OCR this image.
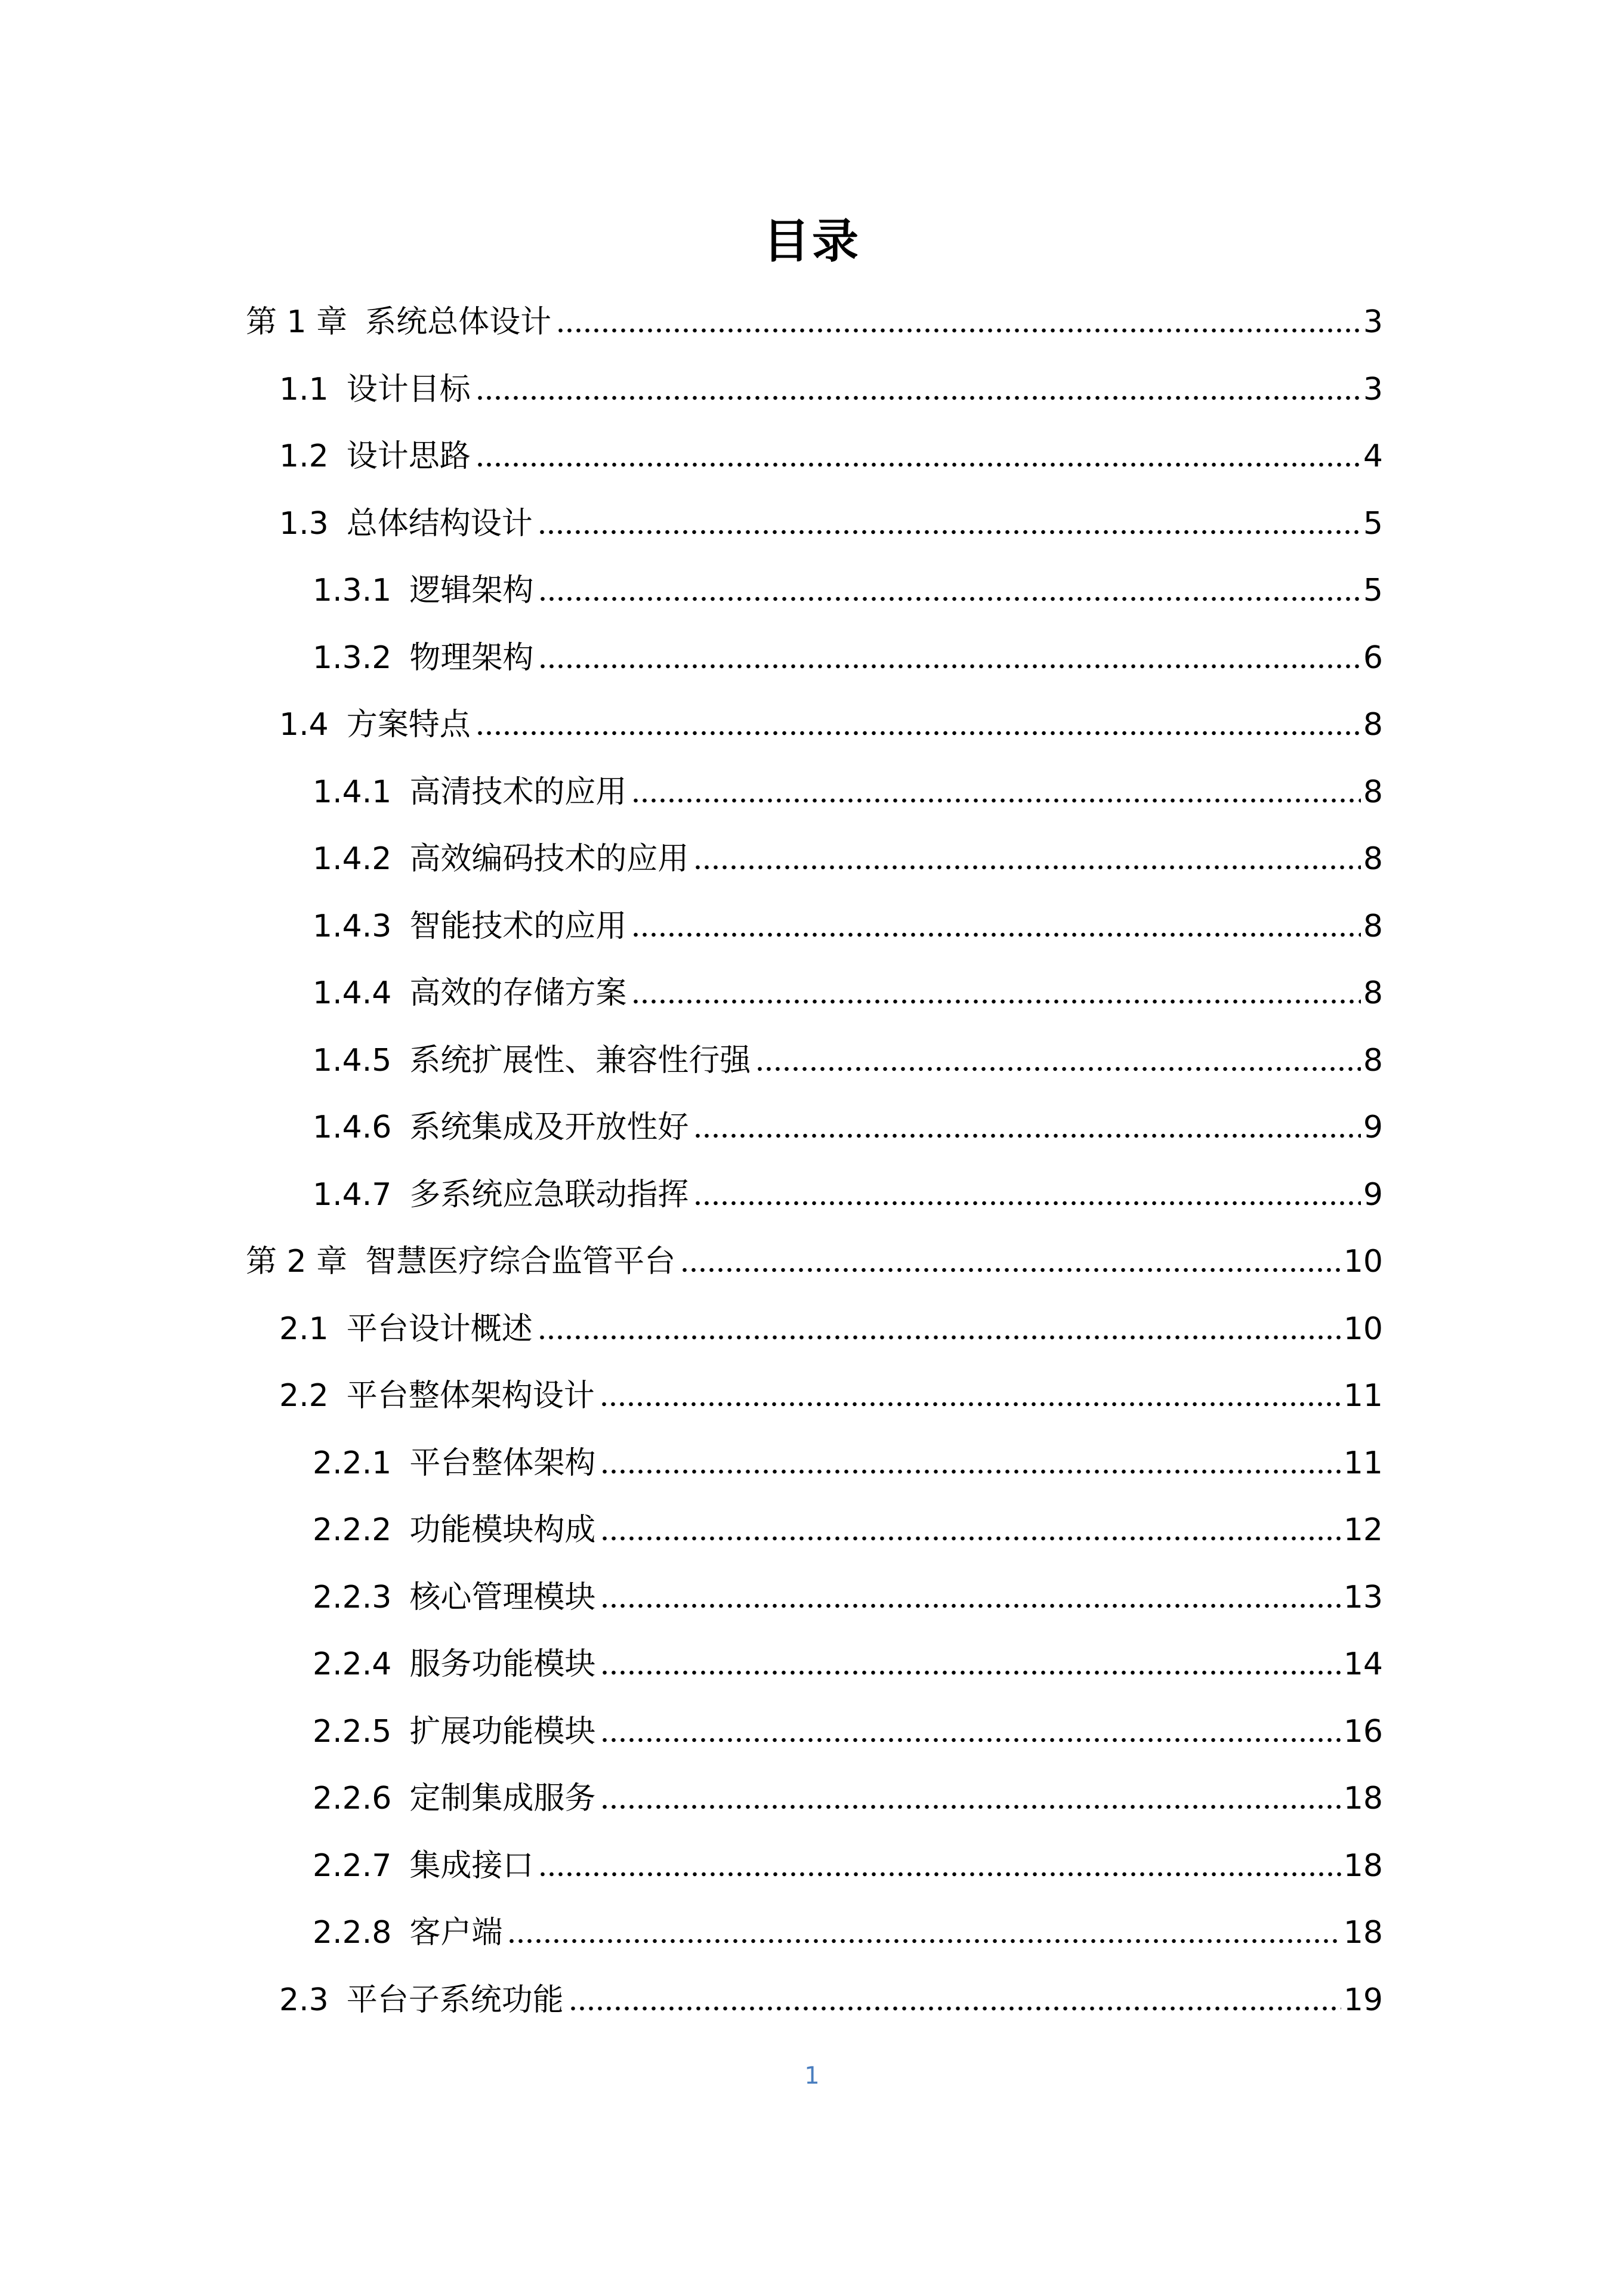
目录
第 1 章 系统总体设计	3
1.1 设计目标	3
1.2 设计思路	4
1.3 总体结构设计	5
1.3.1 逻辑架构	5
1.3.2 物理架构	6
1.4 方案特点	8
1.4.1 高清技术的应用	8
1.4.2 高效编码技术的应用	8
1.4.3 智能技术的应用	8
1.4.4 高效的存储方案	8
1.4.5 系统扩展性、兼容性行强	8
1.4.6 系统集成及开放性好	9
1.4.7 多系统应急联动指挥	9
第 2 章 智慧医疗综合监管平台	10
2.1 平台设计概述	10
2.2 平台整体架构设计	11
2.2.1 平台整体架构	11
2.2.2 功能模块构成	12
2.2.3 核心管理模块	13
2.2.4 服务功能模块	14
2.2.5 扩展功能模块	16
2.2.6 定制集成服务	18
2.2.7 集成接口	18
2.2.8 客户端	18
2.3 平台子系统功能	19
1
